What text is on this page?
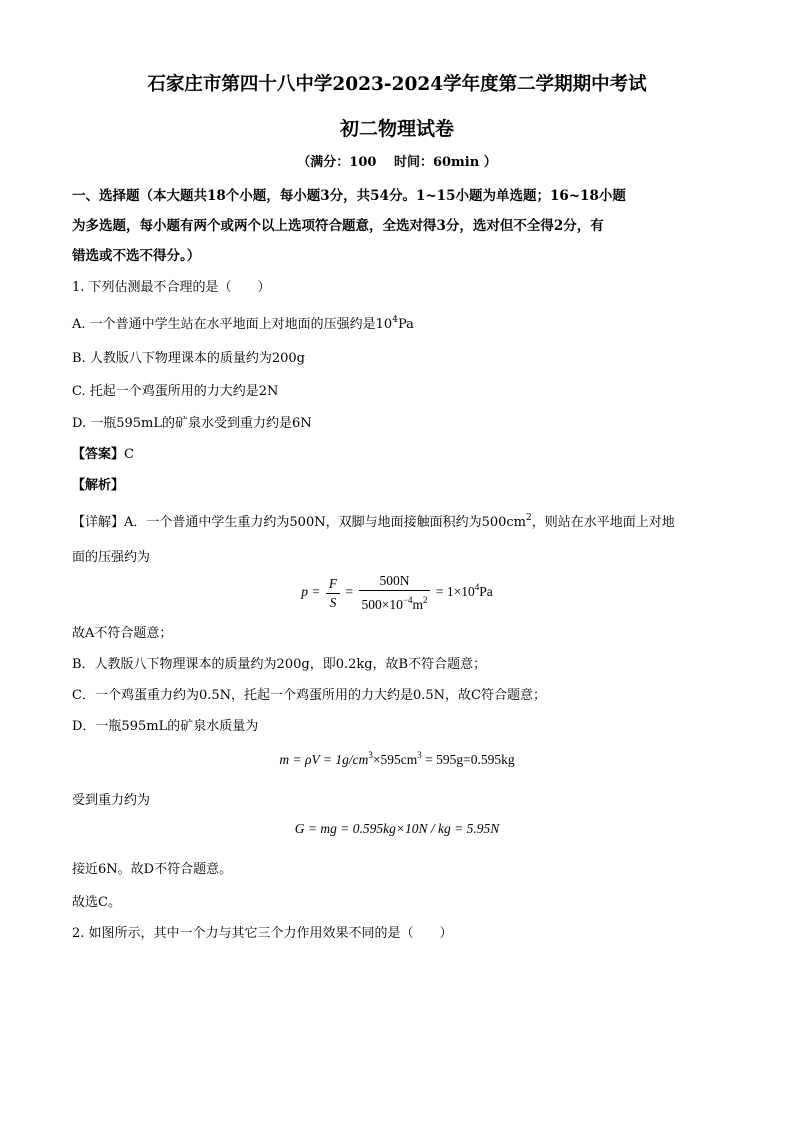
石家庄市第四十八中学2023-2024学年度第二学期期中考试
初二物理试卷
（满分：100　 时间：60min ）
一、选择题（本大题共18个小题，每小题3分，共54分。1~15小题为单选题；16~18小题
为多选题，每小题有两个或两个以上选项符合题意，全选对得3分，选对但不全得2分，有
错选或不选不得分。）
1. 下列估测最不合理的是（　　）
A. 一个普通中学生站在水平地面上对地面的压强约是$10^4Pa$
B. 人教版八下物理课本的质量约为200g
C. 托起一个鸡蛋所用的力大约是2N
D. 一瓶595mL的矿泉水受到重力约是6N
【答案】C
【解析】
【详解】A．一个普通中学生重力约为500N，双脚与地面接触面积约为$500cm^2$，则站在水平地面上对地
面的压强约为
$p = \frac{F}{S} = \frac{500N}{500\times 10^{-4}m^2} = 1\times 10^4Pa$
故A不符合题意；
B．人教版八下物理课本的质量约为200g，即0.2kg，故B不符合题意；
C．一个鸡蛋重力约为0.5N，托起一个鸡蛋所用的力大约是0.5N，故C符合题意；
D．一瓶595mL的矿泉水质量为
$m = \rho V = 1g/cm^3\times 595cm^3 = 595g=0.595kg$
受到重力约为
G = mg = 0.595kg×10N / kg = 5.95N
接近6N。故D不符合题意。
故选C。
2. 如图所示，其中一个力与其它三个力作用效果不同的是（　　）
